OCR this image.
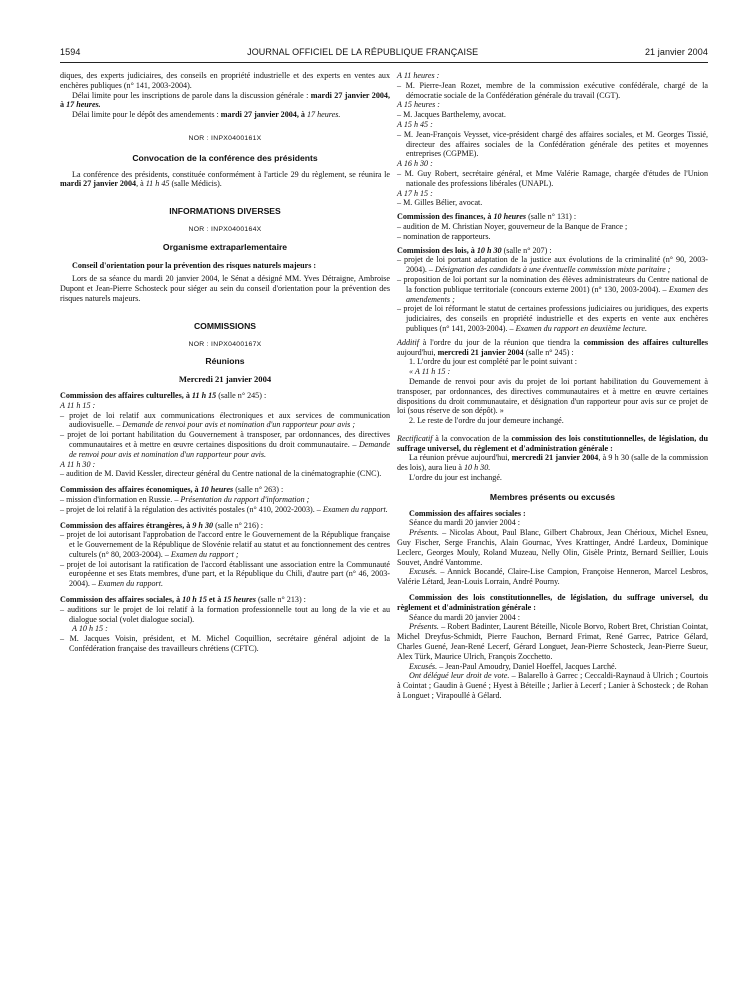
1594	JOURNAL OFFICIEL DE LA RÉPUBLIQUE FRANÇAISE	21 janvier 2004

diques, des experts judiciaires, des conseils en propriété industrielle et des experts en ventes aux enchères publiques (n° 141, 2003-2004).

Délai limite pour les inscriptions de parole dans la discussion générale : mardi 27 janvier 2004, à 17 heures.

Délai limite pour le dépôt des amendements : mardi 27 janvier 2004, à 17 heures.

NOR : INPX0400161X

Convocation de la conférence des présidents

La conférence des présidents, constituée conformément à l'article 29 du règlement, se réunira le mardi 27 janvier 2004, à 11 h 45 (salle Médicis).

INFORMATIONS DIVERSES

NOR : INPX0400164X

Organisme extraparlementaire

Conseil d'orientation pour la prévention des risques naturels majeurs :

Lors de sa séance du mardi 20 janvier 2004, le Sénat a désigné MM. Yves Détraigne, Ambroise Dupont et Jean-Pierre Schosteck pour siéger au sein du conseil d'orientation pour la prévention des risques naturels majeurs.

COMMISSIONS

NOR : INPX0400167X

Réunions

Mercredi 21 janvier 2004

Commission des affaires culturelles, à 11 h 15 (salle n° 245) :

A 11 h 15 :

– projet de loi relatif aux communications électroniques et aux services de communication audiovisuelle. – Demande de renvoi pour avis et nomination d'un rapporteur pour avis ;

– projet de loi portant habilitation du Gouvernement à transposer, par ordonnances, des directives communautaires et à mettre en œuvre certaines dispositions du droit communautaire. – Demande de renvoi pour avis et nomination d'un rapporteur pour avis.

A 11 h 30 :

– audition de M. David Kessler, directeur général du Centre national de la cinématographie (CNC).

Commission des affaires économiques, à 10 heures (salle n° 263) :

– mission d'information en Russie. – Présentation du rapport d'information ;

– projet de loi relatif à la régulation des activités postales (n° 410, 2002-2003). – Examen du rapport.

Commission des affaires étrangères, à 9 h 30 (salle n° 216) :

– projet de loi autorisant l'approbation de l'accord entre le Gouvernement de la République française et le Gouvernement de la République de Slovénie relatif au statut et au fonctionnement des centres culturels (n° 80, 2003-2004). – Examen du rapport ;

– projet de loi autorisant la ratification de l'accord établissant une association entre la Communauté européenne et ses Etats membres, d'une part, et la République du Chili, d'autre part (n° 46, 2003-2004). – Examen du rapport.

Commission des affaires sociales, à 10 h 15 et à 15 heures (salle n° 213) :

– auditions sur le projet de loi relatif à la formation professionnelle tout au long de la vie et au dialogue social (volet dialogue social).

A 10 h 15 :

– M. Jacques Voisin, président, et M. Michel Coquillion, secrétaire général adjoint de la Confédération française des travailleurs chrétiens (CFTC).

A 11 heures :

– M. Pierre-Jean Rozet, membre de la commission exécutive confédérale, chargé de la démocratie sociale de la Confédération générale du travail (CGT).

A 15 heures :

– M. Jacques Barthelemy, avocat.

A 15 h 45 :

– M. Jean-François Veysset, vice-président chargé des affaires sociales, et M. Georges Tissié, directeur des affaires sociales de la Confédération générale des petites et moyennes entreprises (CGPME).

A 16 h 30 :

– M. Guy Robert, secrétaire général, et Mme Valérie Ramage, chargée d'études de l'Union nationale des professions libérales (UNAPL).

A 17 h 15 :

– M. Gilles Bélier, avocat.

Commission des finances, à 10 heures (salle n° 131) :

– audition de M. Christian Noyer, gouverneur de la Banque de France ;

– nomination de rapporteurs.

Commission des lois, à 10 h 30 (salle n° 207) :

– projet de loi portant adaptation de la justice aux évolutions de la criminalité (n° 90, 2003-2004). – Désignation des candidats à une éventuelle commission mixte paritaire ;

– proposition de loi portant sur la nomination des élèves administrateurs du Centre national de la fonction publique territoriale (concours externe 2001) (n° 130, 2003-2004). – Examen des amendements ;

– projet de loi réformant le statut de certaines professions judiciaires ou juridiques, des experts judiciaires, des conseils en propriété industrielle et des experts en vente aux enchères publiques (n° 141, 2003-2004). – Examen du rapport en deuxième lecture.

Additif à l'ordre du jour de la réunion que tiendra la commission des affaires culturelles aujourd'hui, mercredi 21 janvier 2004 (salle n° 245) :

1. L'ordre du jour est complété par le point suivant :

« A 11 h 15 :

Demande de renvoi pour avis du projet de loi portant habilitation du Gouvernement à transposer, par ordonnances, des directives communautaires et à mettre en œuvre certaines dispositions du droit communautaire, et désignation d'un rapporteur pour avis sur ce projet de loi (sous réserve de son dépôt). »

2. Le reste de l'ordre du jour demeure inchangé.

Rectificatif à la convocation de la commission des lois constitutionnelles, de législation, du suffrage universel, du règlement et d'administration générale :

La réunion prévue aujourd'hui, mercredi 21 janvier 2004, à 9 h 30 (salle de la commission des lois), aura lieu à 10 h 30.

L'ordre du jour est inchangé.

Membres présents ou excusés

Commission des affaires sociales :

Séance du mardi 20 janvier 2004 :

Présents. – Nicolas About, Paul Blanc, Gilbert Chabroux, Jean Chérioux, Michel Esneu, Guy Fischer, Serge Franchis, Alain Gournac, Yves Krattinger, André Lardeux, Dominique Leclerc, Georges Mouly, Roland Muzeau, Nelly Olin, Gisèle Printz, Bernard Seillier, Louis Souvet, André Vantomme.

Excusés. – Annick Bocandé, Claire-Lise Campion, Françoise Henneron, Marcel Lesbros, Valérie Létard, Jean-Louis Lorrain, André Pourny.

Commission des lois constitutionnelles, de législation, du suffrage universel, du règlement et d'administration générale :

Séance du mardi 20 janvier 2004 :

Présents. – Robert Badinter, Laurent Béteille, Nicole Borvo, Robert Bret, Christian Cointat, Michel Dreyfus-Schmidt, Pierre Fauchon, Bernard Frimat, René Garrec, Patrice Gélard, Charles Guené, Jean-René Lecerf, Gérard Longuet, Jean-Pierre Schosteck, Jean-Pierre Sueur, Alex Türk, Maurice Ulrich, François Zocchetto.

Excusés. – Jean-Paul Amoudry, Daniel Hoeffel, Jacques Larché.

Ont délégué leur droit de vote. – Balarello à Garrec ; Ceccaldi-Raynaud à Ulrich ; Courtois à Cointat ; Gaudin à Guené ; Hyest à Béteille ; Jarlier à Lecerf ; Lanier à Schosteck ; de Rohan à Longuet ; Virapoullé à Gélard.
